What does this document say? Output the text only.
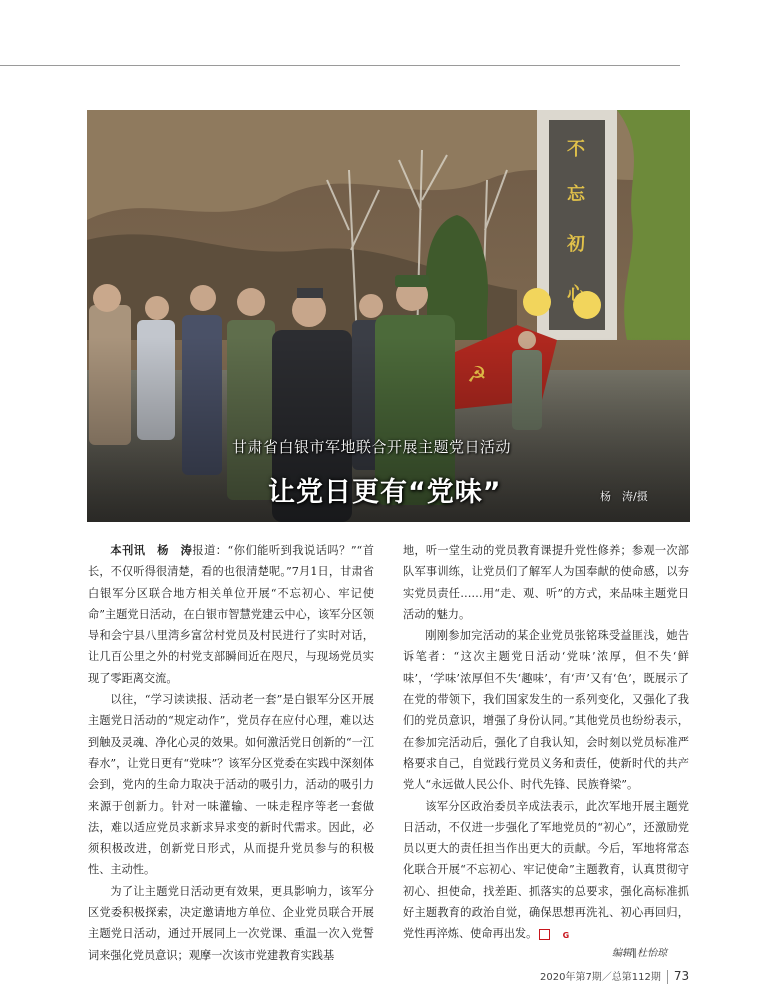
甘肃省白银市军地联合开展主题党日活动
让党日更有“党味”	杨　涛/摄

本刊讯　杨　涛报道：“你们能听到我说话吗？”“首长，不仅听得很清楚，看的也很清楚呢。”7月1日，甘肃省白银军分区联合地方相关单位开展“不忘初心、牢记使命”主题党日活动，在白银市智慧党建云中心，该军分区领导和会宁县八里湾乡富岔村党员及村民进行了实时对话，让几百公里之外的村党支部瞬间近在咫尺，与现场党员实现了零距离交流。

以往，“学习读读报、活动老一套”是白银军分区开展主题党日活动的“规定动作”，党员存在应付心理，难以达到触及灵魂、净化心灵的效果。如何激活党日创新的“一江春水”，让党日更有“党味”？该军分区党委在实践中深刻体会到，党内的生命力取决于活动的吸引力，活动的吸引力来源于创新力。针对一味灌输、一味走程序等老一套做法，难以适应党员求新求异求变的新时代需求。因此，必须积极改进，创新党日形式，从而提升党员参与的积极性、主动性。

为了让主题党日活动更有效果，更具影响力，该军分区党委积极探索，决定邀请地方单位、企业党员联合开展主题党日活动，通过开展同上一次党课、重温一次入党誓词来强化党员意识；观摩一次该市党建教育实践基

地，听一堂生动的党员教育课提升党性修养；参观一次部队军事训练，让党员们了解军人为国奉献的使命感，以夯实党员责任……用“走、观、听”的方式，来品味主题党日活动的魅力。

刚刚参加完活动的某企业党员张铭珠受益匪浅，她告诉笔者：“这次主题党日活动‘党味’浓厚，但不失‘鲜味’，‘学味’浓厚但不失‘趣味’，有‘声’又有‘色’，既展示了在党的带领下，我们国家发生的一系列变化，又强化了我们的党员意识，增强了身份认同。”其他党员也纷纷表示，在参加完活动后，强化了自我认知，会时刻以党员标准严格要求自己，自觉践行党员义务和责任，使新时代的共产党人“永远做人民公仆、时代先锋、民族脊梁”。

该军分区政治委员辛成法表示，此次军地开展主题党日活动，不仅进一步强化了军地党员的“初心”，还激励党员以更大的责任担当作出更大的贡献。今后，军地将常态化联合开展“不忘初心、牢记使命”主题教育，认真贯彻守初心、担使命，找差距、抓落实的总要求，强化高标准抓好主题教育的政治自觉，确保思想再洗礼、初心再回归，党性再淬炼、使命再出发。	G

编辑∥杜怡琼
2020年第7期／总第112期 73
